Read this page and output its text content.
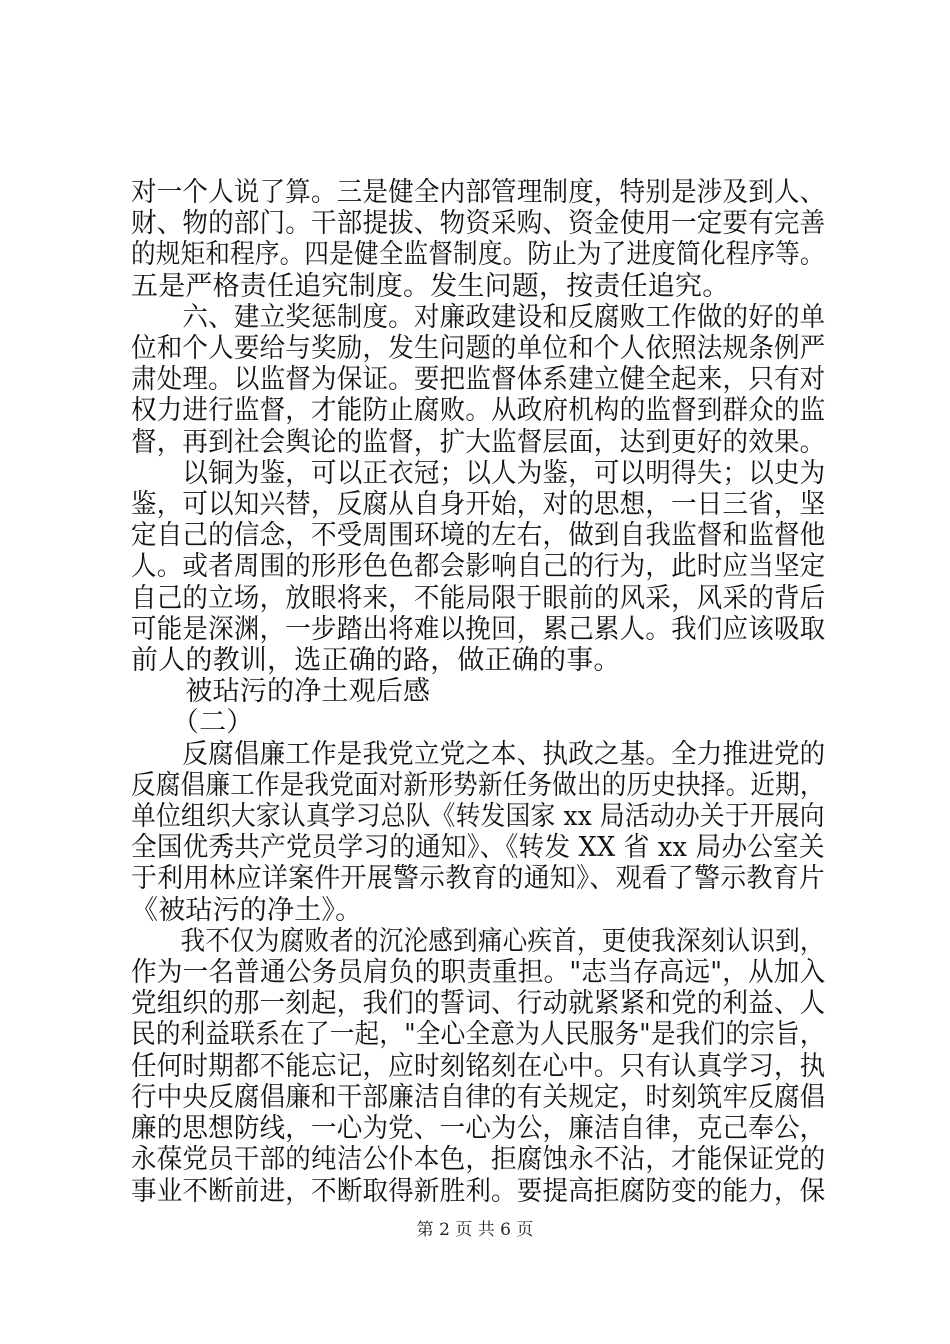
对一个人说了算。三是健全内部管理制度，特别是涉及到人、
财、物的部门。干部提拔、物资采购、资金使用一定要有完善
的规矩和程序。四是健全监督制度。防止为了进度简化程序等。
五是严格责任追究制度。发生问题，按责任追究。
　　六、建立奖惩制度。对廉政建设和反腐败工作做的好的单
位和个人要给与奖励，发生问题的单位和个人依照法规条例严
肃处理。以监督为保证。要把监督体系建立健全起来，只有对
权力进行监督，才能防止腐败。从政府机构的监督到群众的监
督，再到社会舆论的监督，扩大监督层面，达到更好的效果。
　　以铜为鉴，可以正衣冠；以人为鉴，可以明得失；以史为
鉴，可以知兴替，反腐从自身开始，对的思想，一日三省，坚
定自己的信念，不受周围环境的左右，做到自我监督和监督他
人。或者周围的形形色色都会影响自己的行为，此时应当坚定
自己的立场，放眼将来，不能局限于眼前的风采，风采的背后
可能是深渊，一步踏出将难以挽回，累己累人。我们应该吸取
前人的教训，选正确的路，做正确的事。
　　被玷污的净土观后感
　　（二）
　　反腐倡廉工作是我党立党之本、执政之基。全力推进党的
反腐倡廉工作是我党面对新形势新任务做出的历史抉择。近期，
单位组织大家认真学习总队《转发国家 xx 局活动办关于开展向
全国优秀共产党员学习的通知》、《转发 XX 省 xx 局办公室关
于利用林应详案件开展警示教育的通知》、观看了警示教育片
《被玷污的净土》。
　　我不仅为腐败者的沉沦感到痛心疾首，更使我深刻认识到，
作为一名普通公务员肩负的职责重担。"志当存高远"，从加入
党组织的那一刻起，我们的誓词、行动就紧紧和党的利益、人
民的利益联系在了一起，"全心全意为人民服务"是我们的宗旨，
任何时期都不能忘记，应时刻铭刻在心中。只有认真学习，执
行中央反腐倡廉和干部廉洁自律的有关规定，时刻筑牢反腐倡
廉的思想防线，一心为党、一心为公，廉洁自律，克己奉公，
永葆党员干部的纯洁公仆本色，拒腐蚀永不沾，才能保证党的
事业不断前进，不断取得新胜利。要提高拒腐防变的能力，保
第 2 页 共 6 页
